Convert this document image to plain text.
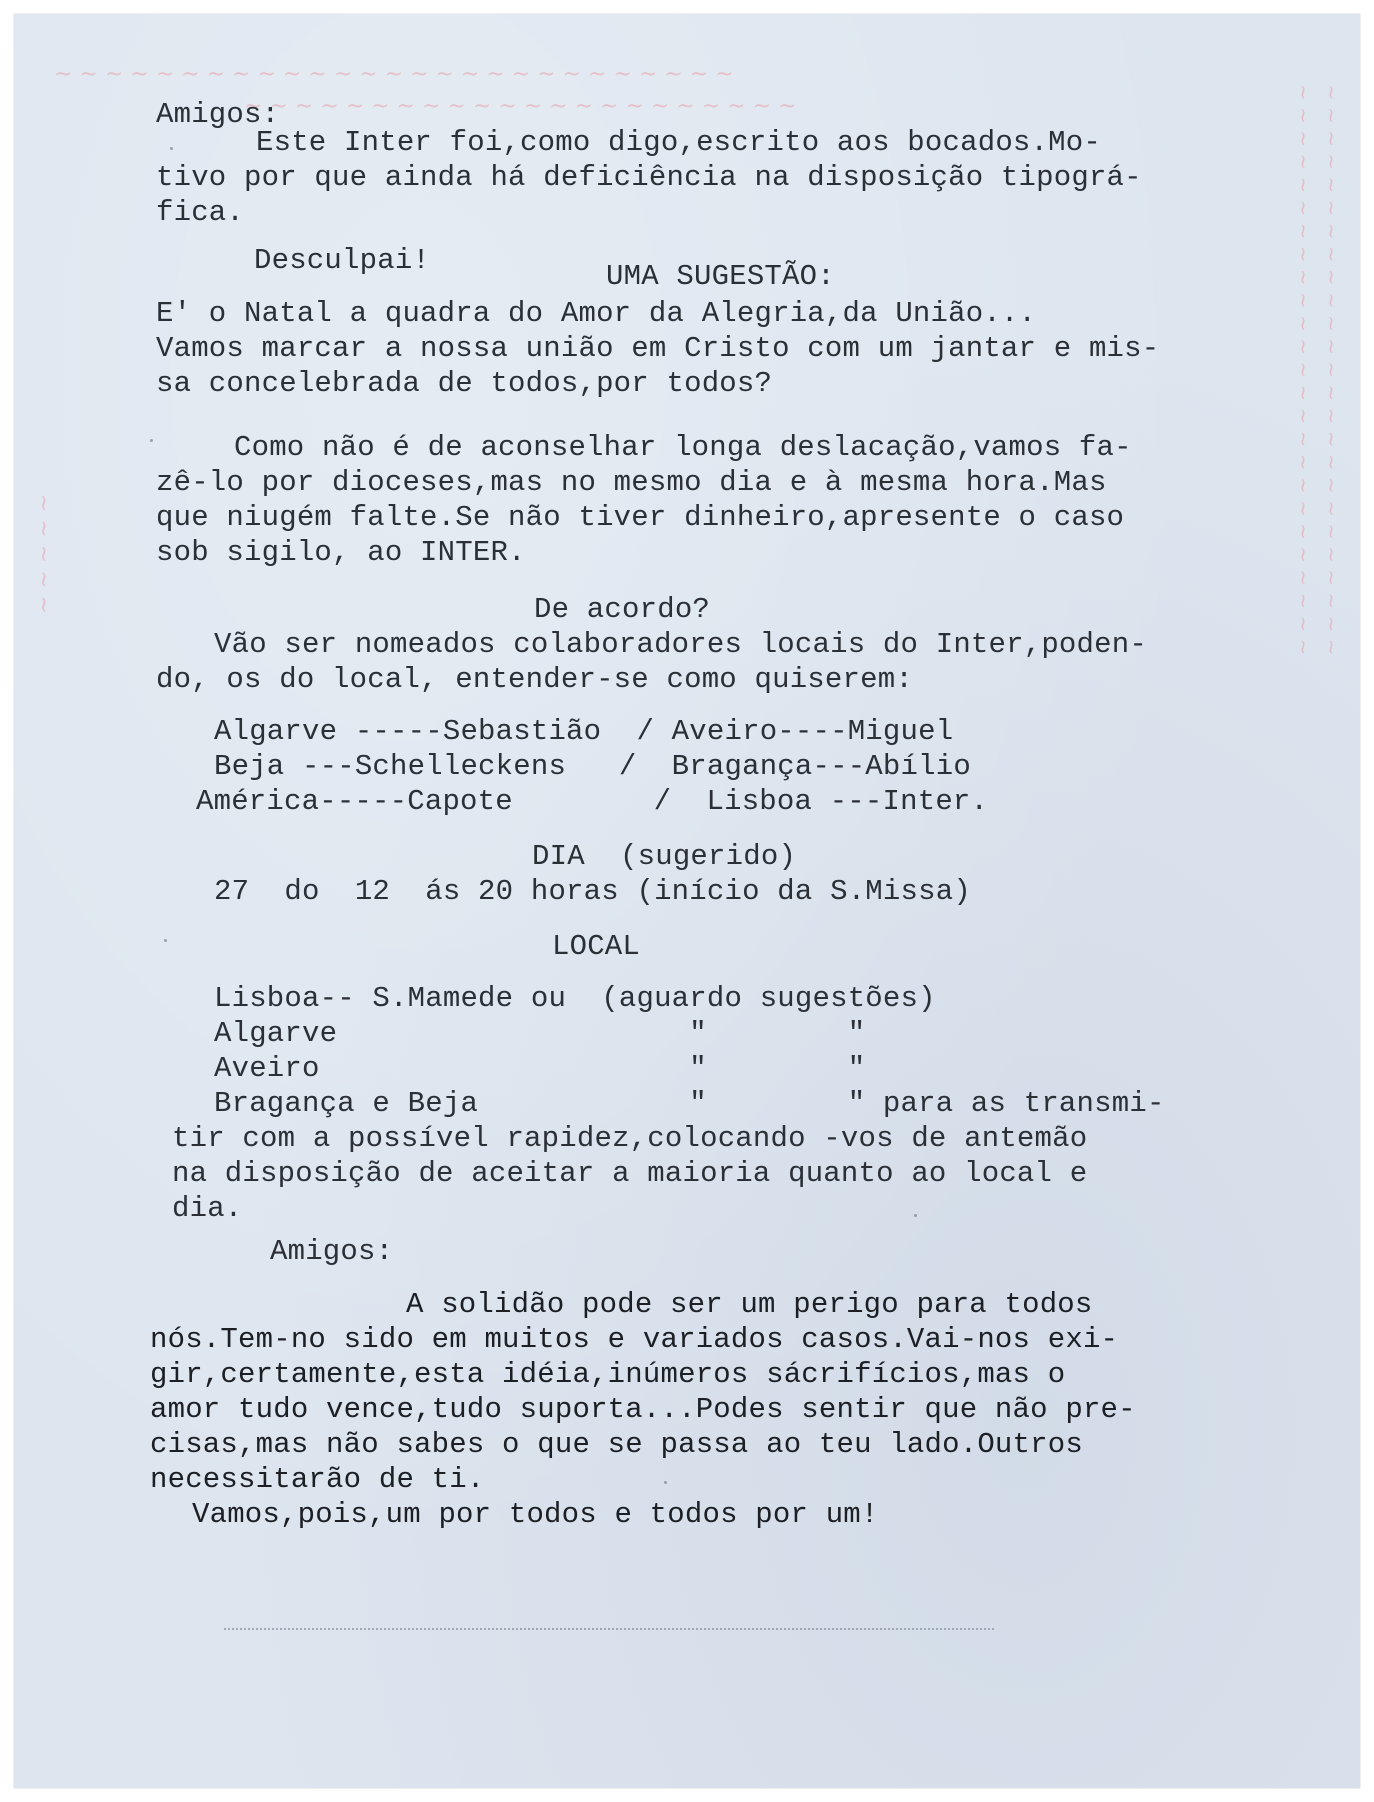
~ ~ ~ ~ ~ ~ ~ ~ ~ ~ ~ ~ ~ ~ ~ ~ ~ ~ ~ ~ ~ ~ ~ ~ ~ ~ ~
~ ~ ~ ~ ~ ~ ~ ~ ~ ~ ~ ~ ~ ~ ~ ~ ~ ~ ~ ~ ~ ~	~ ~ ~ ~ ~ ~ ~ ~ ~ ~ ~ ~ ~ ~ ~ ~ ~ ~ ~ ~ ~ ~ ~ ~ ~
~ ~ ~ ~ ~ ~ ~ ~ ~ ~ ~ ~ ~ ~ ~ ~ ~ ~ ~ ~ ~ ~ ~ ~ ~
~ ~ ~ ~ ~
Amigos:
Este Inter foi,como digo,escrito aos bocados.Mo-
tivo por que ainda há deficiência na disposição tipográ-
fica.
Desculpai!	UMA SUGESTÃO:
E' o Natal a quadra do Amor da Alegria,da União...
Vamos marcar a nossa união em Cristo com um jantar e mis-
sa concelebrada de todos,por todos?
Como não é de aconselhar longa deslacação,vamos fa-
zê-lo por dioceses,mas no mesmo dia e à mesma hora.Mas
que niugém falte.Se não tiver dinheiro,apresente o caso
sob sigilo, ao INTER.
De acordo?
Vão ser nomeados colaboradores locais do Inter,poden-
do, os do local, entender-se como quiserem:
Algarve -----Sebastião  / Aveiro----Miguel
Beja ---Schelleckens   /  Bragança---Abílio
América-----Capote        /  Lisboa ---Inter.
DIA  (sugerido)
27  do  12  ás 20 horas (início da S.Missa)
LOCAL
Lisboa-- S.Mamede ou  (aguardo sugestões)
Algarve                    "        "
Aveiro                     "        "
Bragança e Beja            "        " para as transmi-
tir com a possível rapidez,colocando -vos de antemão
na disposição de aceitar a maioria quanto ao local e
dia.
Amigos:
A solidão pode ser um perigo para todos
nós.Tem-no sido em muitos e variados casos.Vai-nos exi-
gir,certamente,esta idéia,inúmeros sácrifícios,mas o
amor tudo vence,tudo suporta...Podes sentir que não pre-
cisas,mas não sabes o que se passa ao teu lado.Outros
necessitarão de ti.
Vamos,pois,um por todos e todos por um!
